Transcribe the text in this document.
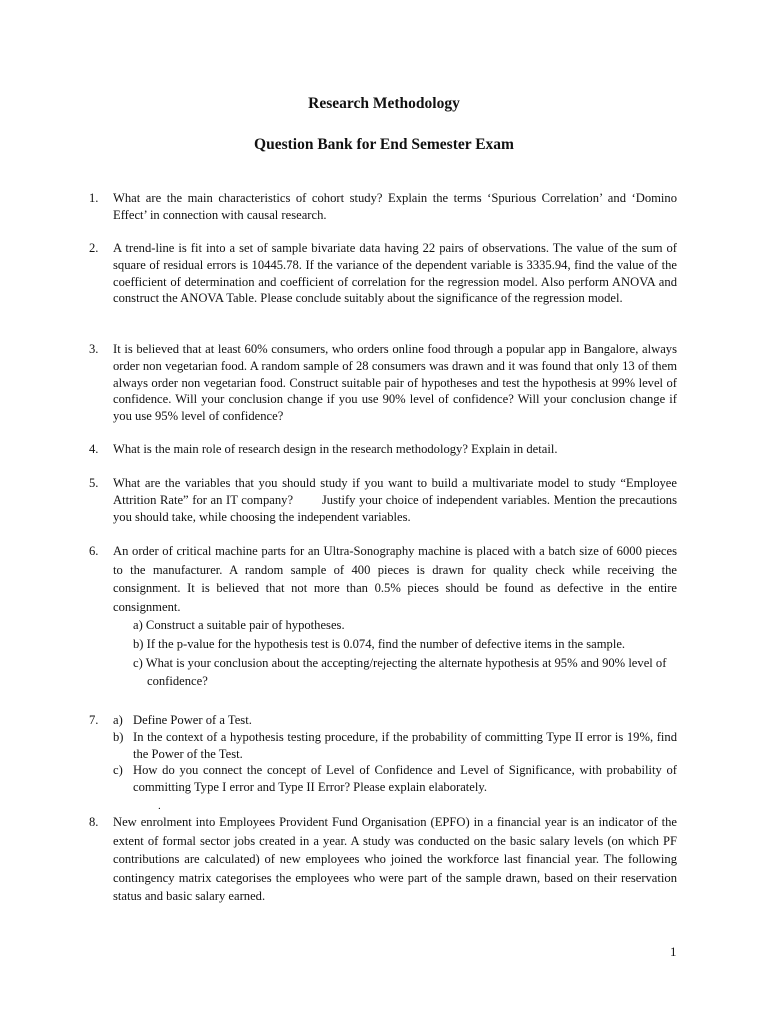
Research Methodology
Question Bank for End Semester Exam
1. What are the main characteristics of cohort study? Explain the terms ‘Spurious Correlation’ and ‘Domino Effect’ in connection with causal research.
2. A trend-line is fit into a set of sample bivariate data having 22 pairs of observations. The value of the sum of square of residual errors is 10445.78. If the variance of the dependent variable is 3335.94, find the value of the coefficient of determination and coefficient of correlation for the regression model. Also perform ANOVA and construct the ANOVA Table. Please conclude suitably about the significance of the regression model.
3. It is believed that at least 60% consumers, who orders online food through a popular app in Bangalore, always order non vegetarian food. A random sample of 28 consumers was drawn and it was found that only 13 of them always order non vegetarian food. Construct suitable pair of hypotheses and test the hypothesis at 99% level of confidence. Will your conclusion change if you use 90% level of confidence? Will your conclusion change if you use 95% level of confidence?
4. What is the main role of research design in the research methodology? Explain in detail.
5. What are the variables that you should study if you want to build a multivariate model to study “Employee Attrition Rate” for an IT company?        Justify your choice of independent variables. Mention the precautions you should take, while choosing the independent variables.
6. An order of critical machine parts for an Ultra-Sonography machine is placed with a batch size of 6000 pieces to the manufacturer. A random sample of 400 pieces is drawn for quality check while receiving the consignment. It is believed that not more than 0.5% pieces should be found as defective in the entire consignment.
a) Construct a suitable pair of hypotheses.
b) If the p-value for the hypothesis test is 0.074, find the number of defective items in the sample.
c) What is your conclusion about the accepting/rejecting the alternate hypothesis at 95% and 90% level of confidence?
7. a) Define Power of a Test.
b) In the context of a hypothesis testing procedure, if the probability of committing Type II error is 19%, find the Power of the Test.
c) How do you connect the concept of Level of Confidence and Level of Significance, with probability of committing Type I error and Type II Error? Please explain elaborately.
.
8. New enrolment into Employees Provident Fund Organisation (EPFO) in a financial year is an indicator of the extent of formal sector jobs created in a year. A study was conducted on the basic salary levels (on which PF contributions are calculated) of new employees who joined the workforce last financial year. The following contingency matrix categorises the employees who were part of the sample drawn, based on their reservation status and basic salary earned.
1
